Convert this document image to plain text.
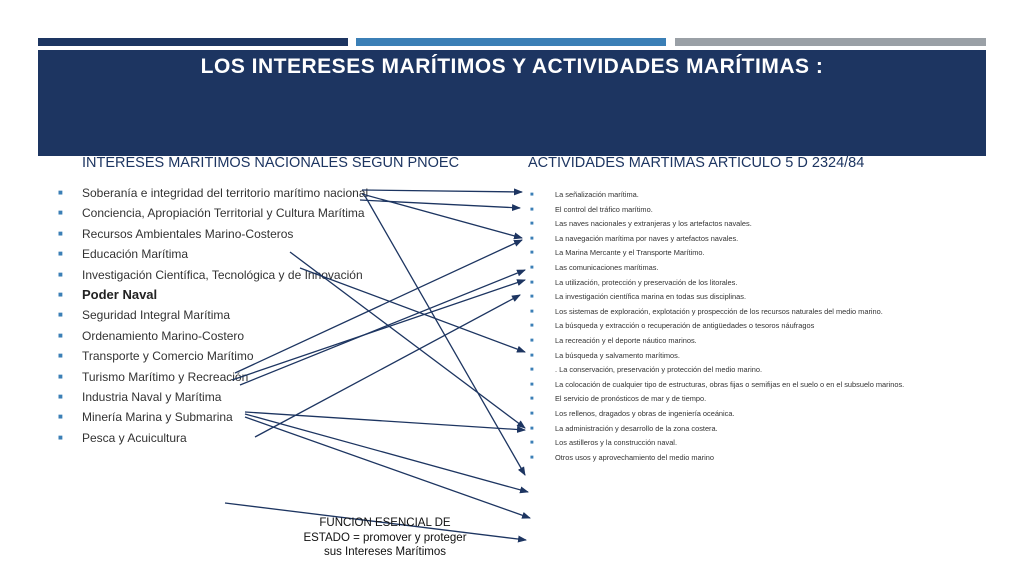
LOS INTERESES MARÍTIMOS Y ACTIVIDADES MARÍTIMAS :
INTERESES MARITIMOS NACIONALES SEGÚN PNOEC	ACTIVIDADES MARTIMAS ARTICULO 5 D 2324/84
■ Soberanía e integridad del territorio marítimo nacional
■ Conciencia, Apropiación Territorial y Cultura Marítima
■ Recursos Ambientales Marino-Costeros
■ Educación Marítima
■ Investigación Científica, Tecnológica y de Innovación
■ Poder Naval
■ Seguridad Integral Marítima
■ Ordenamiento Marino-Costero
■ Transporte y Comercio Marítimo
■ Turismo Marítimo y Recreación
■ Industria Naval y Marítima
■ Minería Marina y Submarina
■ Pesca y Acuicultura
■	La señalización marítima.
■	El control del tráfico marítimo.
■	Las naves nacionales y extranjeras y los artefactos navales.
■	La navegación marítima por naves y artefactos navales.
■	La Marina Mercante y el Transporte Marítimo.
■	Las comunicaciones marítimas.
■	La utilización, protección y preservación de los litorales.
■	La investigación científica marina en todas sus disciplinas.
■	Los sistemas de exploración, explotación y prospección de los recursos naturales del medio marino.
■	La búsqueda y extracción o recuperación de antigüedades o tesoros náufragos
■	La recreación y el deporte náutico marinos.
■	La búsqueda y salvamento marítimos.
■	. La conservación, preservación y protección del medio marino.
■	La colocación de cualquier tipo de estructuras, obras fijas o semifijas en el suelo o en el subsuelo marinos.
■	El servicio de pronósticos de mar y de tiempo.
■	Los rellenos, dragados y obras de ingeniería oceánica.
■	La administración y desarrollo de la zona costera.
■	Los astilleros y la construcción naval.
■	Otros usos y aprovechamiento del medio marino
FUNCION ESENCIAL DE ESTADO = promover y proteger sus Intereses Marítimos
